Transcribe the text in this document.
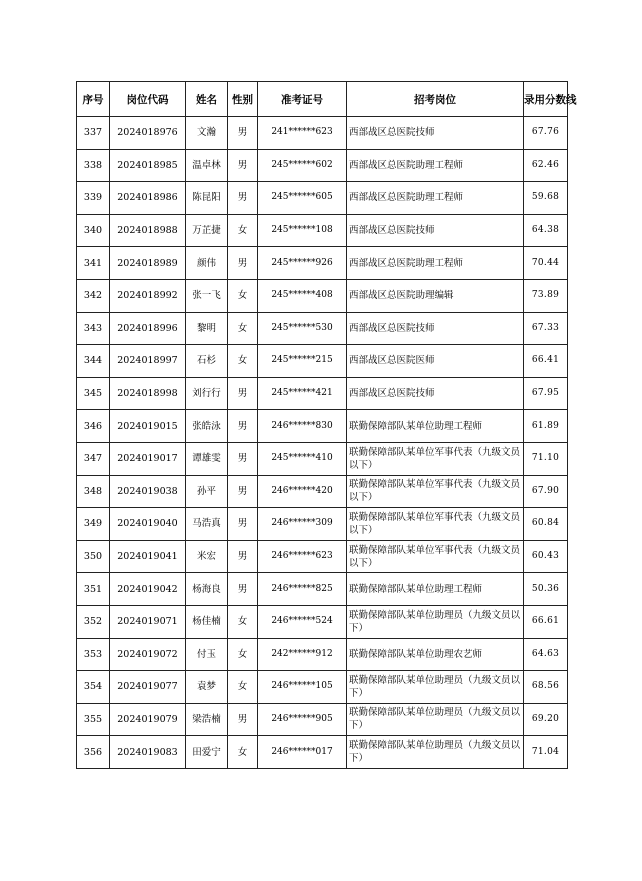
序号	岗位代码	姓名	性别	准考证号	招考岗位	录用分数线
337	2024018976	文瀚	男	241******623	西部战区总医院技师	67.76
338	2024018985	温卓林	男	245******602	西部战区总医院助理工程师	62.46
339	2024018986	陈昆阳	男	245******605	西部战区总医院助理工程师	59.68
340	2024018988	万芷捷	女	245******108	西部战区总医院技师	64.38
341	2024018989	颜伟	男	245******926	西部战区总医院助理工程师	70.44
342	2024018992	张一飞	女	245******408	西部战区总医院助理编辑	73.89
343	2024018996	黎明	女	245******530	西部战区总医院技师	67.33
344	2024018997	石杉	女	245******215	西部战区总医院医师	66.41
345	2024018998	刘行行	男	245******421	西部战区总医院技师	67.95
346	2024019015	张皓泳	男	246******830	联勤保障部队某单位助理工程师	61.89
347	2024019017	谭雄雯	男	245******410	联勤保障部队某单位军事代表（九级文员以下）	71.10
348	2024019038	孙平	男	246******420	联勤保障部队某单位军事代表（九级文员以下）	67.90
349	2024019040	马浩真	男	246******309	联勤保障部队某单位军事代表（九级文员以下）	60.84
350	2024019041	米宏	男	246******623	联勤保障部队某单位军事代表（九级文员以下）	60.43
351	2024019042	杨海良	男	246******825	联勤保障部队某单位助理工程师	50.36
352	2024019071	杨佳楠	女	246******524	联勤保障部队某单位助理员（九级文员以下）	66.61
353	2024019072	付玉	女	242******912	联勤保障部队某单位助理农艺师	64.63
354	2024019077	袁梦	女	246******105	联勤保障部队某单位助理员（九级文员以下）	68.56
355	2024019079	梁浩楠	男	246******905	联勤保障部队某单位助理员（九级文员以下）	69.20
356	2024019083	田爱宁	女	246******017	联勤保障部队某单位助理员（九级文员以下）	71.04
